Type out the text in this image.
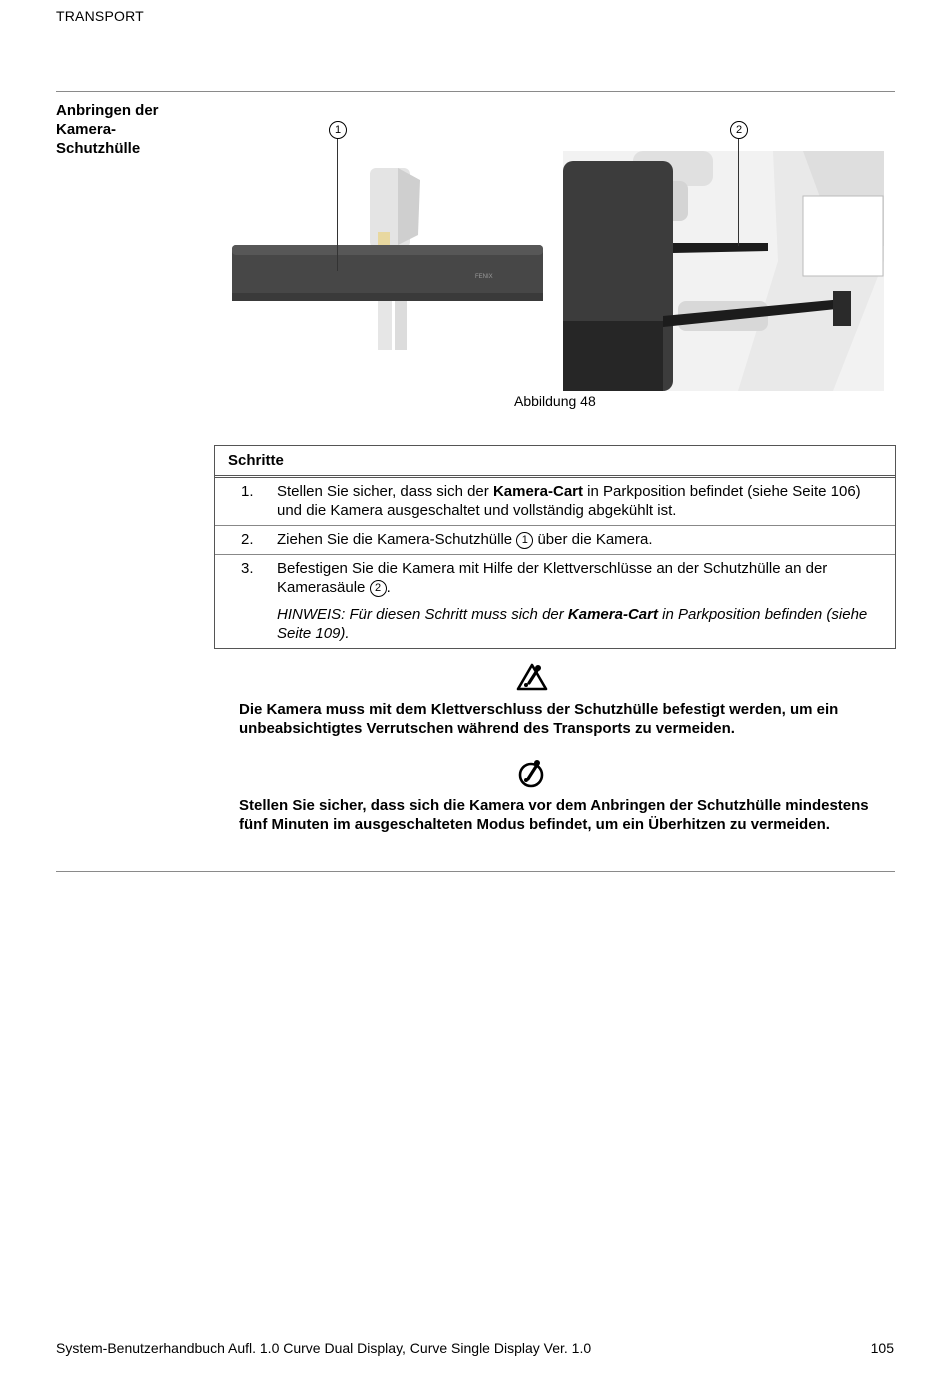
TRANSPORT
Anbringen der Kamera-Schutzhülle
FENIX
1	2
Abbildung 48
Schritte
1.	Stellen Sie sicher, dass sich der Kamera-Cart in Parkposition befindet (siehe Seite 106) und die Kamera ausgeschaltet und vollständig abgekühlt ist.
2.	Ziehen Sie die Kamera-Schutzhülle 1 über die Kamera.
3.	Befestigen Sie die Kamera mit Hilfe der Klettverschlüsse an der Schutzhülle an der Kamerasäule 2 .
HINWEIS: Für diesen Schritt muss sich der Kamera-Cart in Parkposition befinden (siehe Seite 109).
Die Kamera muss mit dem Klettverschluss der Schutzhülle befestigt werden, um ein unbeabsichtigtes Verrutschen während des Transports zu vermeiden.
Stellen Sie sicher, dass sich die Kamera vor dem Anbringen der Schutzhülle mindestens fünf Minuten im ausgeschalteten Modus befindet, um ein Überhitzen zu vermeiden.
System-Benutzerhandbuch Aufl. 1.0 Curve Dual Display, Curve Single Display Ver. 1.0	105
